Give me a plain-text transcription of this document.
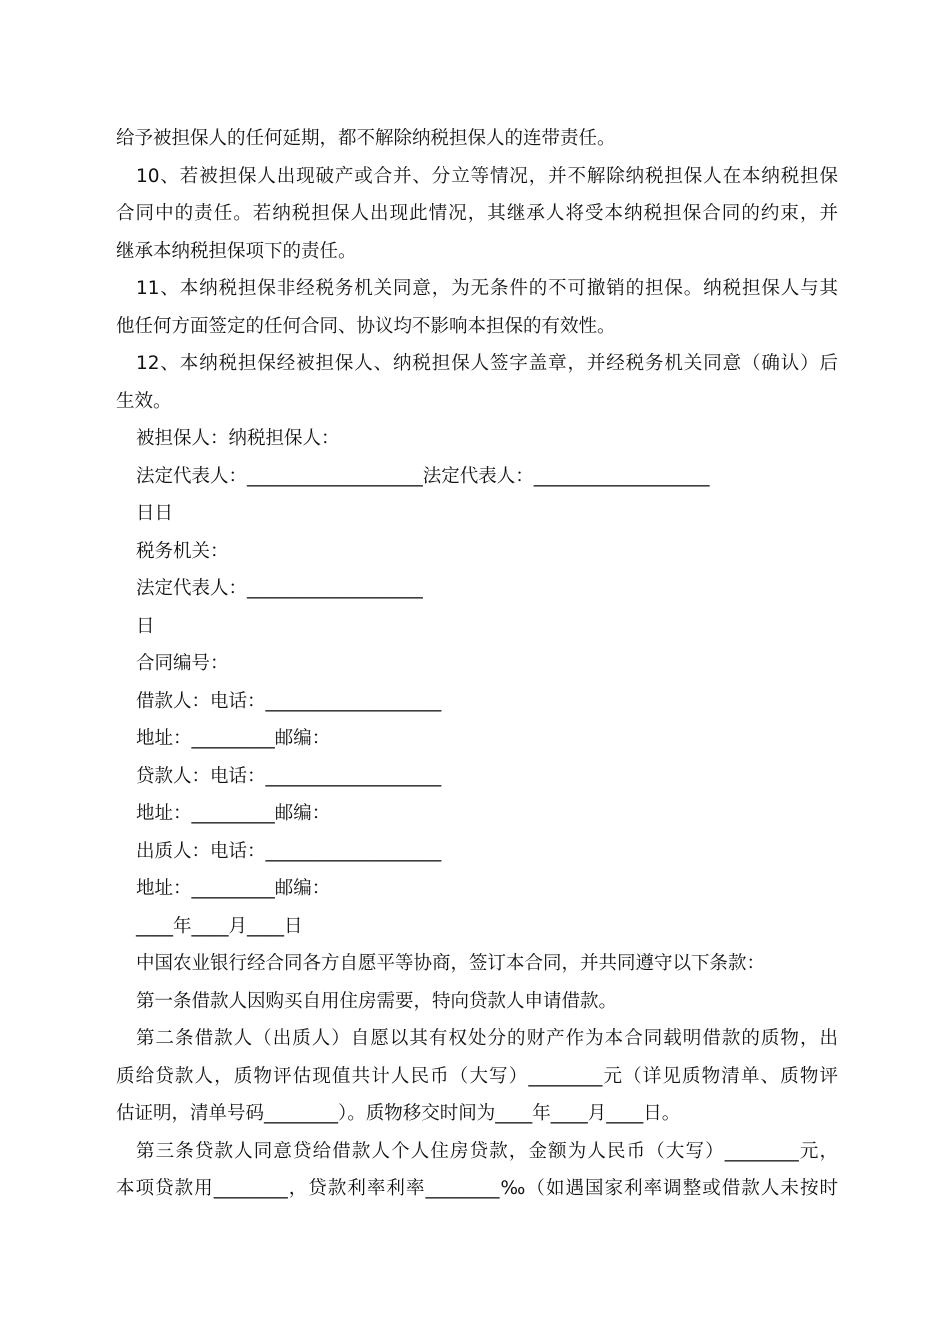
给予被担保人的任何延期，都不解除纳税担保人的连带责任。
10、若被担保人出现破产或合并、分立等情况，并不解除纳税担保人在本纳税担保
合同中的责任。若纳税担保人出现此情况，其继承人将受本纳税担保合同的约束，并
继承本纳税担保项下的责任。
11、本纳税担保非经税务机关同意，为无条件的不可撤销的担保。纳税担保人与其
他任何方面签定的任何合同、协议均不影响本担保的有效性。
12、本纳税担保经被担保人、纳税担保人签字盖章，并经税务机关同意（确认）后
生效。
被担保人：纳税担保人：
法定代表人：___________________法定代表人：___________________
日日
税务机关：
法定代表人：___________________
日
合同编号：
借款人：电话：___________________
地址：_________邮编：
贷款人：电话：___________________
地址：_________邮编：
出质人：电话：___________________
地址：_________邮编：
____年____月____日
中国农业银行经合同各方自愿平等协商，签订本合同，并共同遵守以下条款：
第一条借款人因购买自用住房需要，特向贷款人申请借款。
第二条借款人（出质人）自愿以其有权处分的财产作为本合同载明借款的质物，出
质给贷款人，质物评估现值共计人民币（大写）________元（详见质物清单、质物评
估证明，清单号码________）。质物移交时间为____年____月____日。
第三条贷款人同意贷给借款人个人住房贷款，金额为人民币（大写）________元，
本项贷款用________，贷款利率利率________‰（如遇国家利率调整或借款人未按时
